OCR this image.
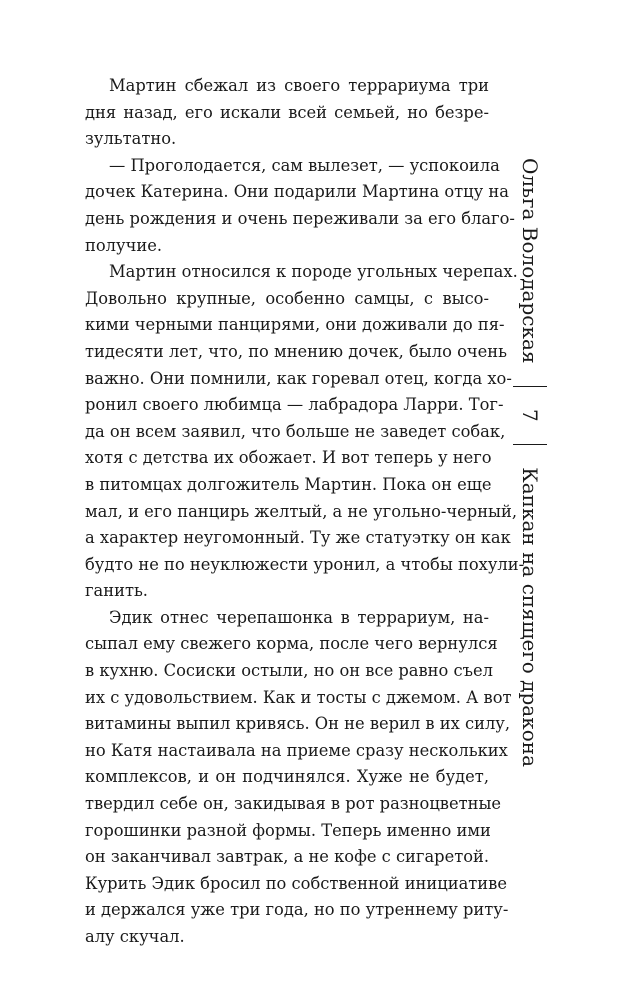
Мартин сбежал из своего террариума три
дня назад, его искали всей семьей, но безре-
зультатно.
— Проголодается, сам вылезет, — успокоила
дочек Катерина. Они подарили Мартина отцу на
день рождения и очень переживали за его благо-
получие.
Мартин относился к породе угольных черепах.
Довольно крупные, особенно самцы, с высо-
кими черными панцирями, они доживали до пя-
тидесяти лет, что, по мнению дочек, было очень
важно. Они помнили, как горевал отец, когда хо-
ронил своего любимца — лабрадора Ларри. Тог-
да он всем заявил, что больше не заведет собак,
хотя с детства их обожает. И вот теперь у него
в питомцах долгожитель Мартин. Пока он еще
мал, и его панцирь желтый, а не угольно-черный,
а характер неугомонный. Ту же статуэтку он как
будто не по неуклюжести уронил, а чтобы похули-
ганить.
Эдик отнес черепашонка в террариум, на-
сыпал ему свежего корма, после чего вернулся
в кухню. Сосиски остыли, но он все равно съел
их с удовольствием. Как и тосты с джемом. А вот
витамины выпил кривясь. Он не верил в их силу,
но Катя настаивала на приеме сразу нескольких
комплексов, и он подчинялся. Хуже не будет,
твердил себе он, закидывая в рот разноцветные
горошинки разной формы. Теперь именно ими
он заканчивал завтрак, а не кофе с сигаретой.
Курить Эдик бросил по собственной инициативе
и держался уже три года, но по утреннему риту-
алу скучал.
Ольга Володарская
7
Капкан на спящего дракона
